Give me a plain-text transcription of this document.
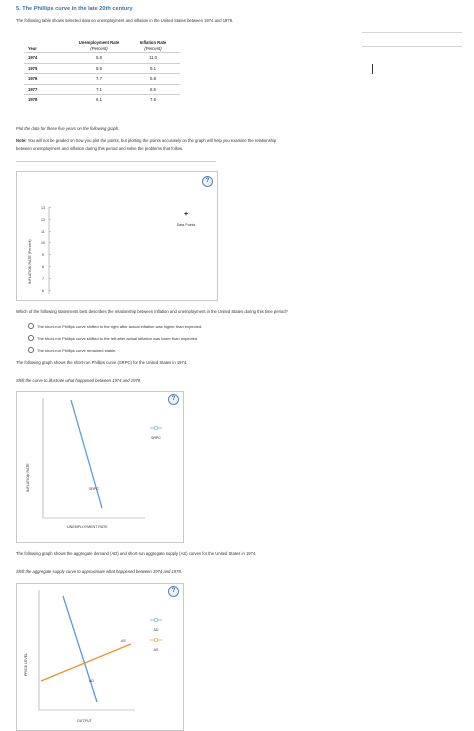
5. The Phillips curve in the late 20th century
The following table shows selected data on unemployment and inflation in the United States between 1974 and 1978.
	Unemployment Rate	Inflation Rate
Year	(Percent)	(Percent)
1974	5.6	11.0
1975	8.5	9.1
1976	7.7	5.8
1977	7.1	6.5
1978	6.1	7.6
Plot the data for these five years on the following graph.
Note: You will not be graded on how you plot the points, but plotting the points accurately on the graph will help you examine the relationship
between unemployment and inflation during this period and solve the problems that follow.
?
13
12
11
10
9
8
7
6
INFLATION RATE (Percent)
+
Data Points
Which of the following statements best describes the relationship between inflation and unemployment in the United States during this time period?
The short-run Phillips curve shifted to the right after actual inflation was higher than expected.
The short-run Phillips curve shifted to the left after actual inflation was lower than expected.
The short-run Phillips curve remained stable.
The following graph shows the short-run Phillips curve (SRPC) for the United States in 1974.
Shift the curve to illustrate what happened between 1974 and 1978.
?
INFLATION RATE
UNEMPLOYMENT RATE
SRPC
SRPC
The following graph shows the aggregate demand (AD) and short-run aggregate supply (AS) curves for the United States in 1974.
Shift the aggregate supply curve to approximate what happened between 1974 and 1978.
?
PRICE LEVEL
OUTPUT
AS
AD
AD
AS
